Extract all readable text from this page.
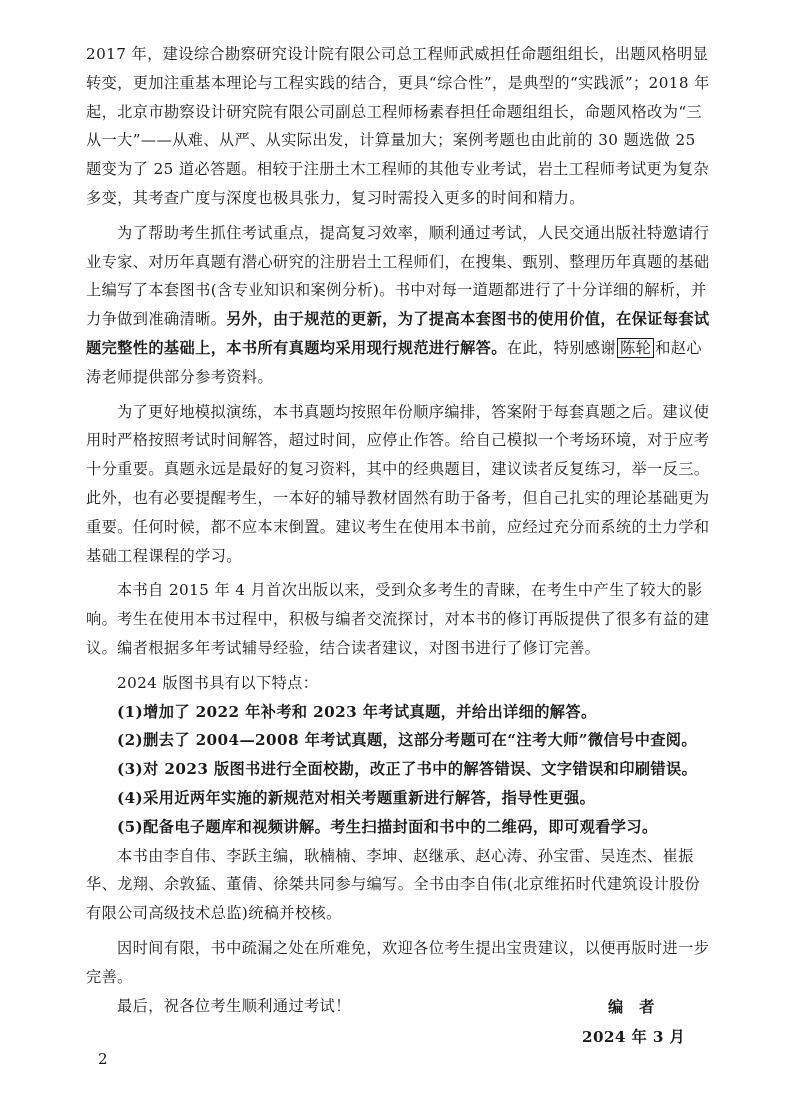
2017 年，建设综合勘察研究设计院有限公司总工程师武威担任命题组组长，出题风格明显转变，更加注重基本理论与工程实践的结合，更具“综合性”，是典型的“实践派”；2018 年起，北京市勘察设计研究院有限公司副总工程师杨素春担任命题组组长，命题风格改为“三从一大”——从难、从严、从实际出发，计算量加大；案例考题也由此前的 30 题选做 25 题变为了 25 道必答题。相较于注册土木工程师的其他专业考试，岩土工程师考试更为复杂多变，其考查广度与深度也极具张力，复习时需投入更多的时间和精力。

为了帮助考生抓住考试重点，提高复习效率，顺利通过考试，人民交通出版社特邀请行业专家、对历年真题有潜心研究的注册岩土工程师们，在搜集、甄别、整理历年真题的基础上编写了本套图书(含专业知识和案例分析)。书中对每一道题都进行了十分详细的解析，并力争做到准确清晰。另外，由于规范的更新，为了提高本套图书的使用价值，在保证每套试题完整性的基础上，本书所有真题均采用现行规范进行解答。在此，特别感谢 陈轮 和赵心涛老师提供部分参考资料。

为了更好地模拟演练，本书真题均按照年份顺序编排，答案附于每套真题之后。建议使用时严格按照考试时间解答，超过时间，应停止作答。给自己模拟一个考场环境，对于应考十分重要。真题永远是最好的复习资料，其中的经典题目，建议读者反复练习，举一反三。此外，也有必要提醒考生，一本好的辅导教材固然有助于备考，但自己扎实的理论基础更为重要。任何时候，都不应本末倒置。建议考生在使用本书前，应经过充分而系统的土力学和基础工程课程的学习。

本书自 2015 年 4 月首次出版以来，受到众多考生的青睐，在考生中产生了较大的影响。考生在使用本书过程中，积极与编者交流探讨，对本书的修订再版提供了很多有益的建议。编者根据多年考试辅导经验，结合读者建议，对图书进行了修订完善。

2024 版图书具有以下特点：

(1)增加了 2022 年补考和 2023 年考试真题，并给出详细的解答。

(2)删去了 2004—2008 年考试真题，这部分考题可在“注考大师”微信号中查阅。

(3)对 2023 版图书进行全面校勘，改正了书中的解答错误、文字错误和印刷错误。

(4)采用近两年实施的新规范对相关考题重新进行解答，指导性更强。

(5)配备电子题库和视频讲解。考生扫描封面和书中的二维码，即可观看学习。

本书由李自伟、李跃主编，耿楠楠、李坤、赵继承、赵心涛、孙宝雷、吴连杰、崔振华、龙翔、余敦猛、董倩、徐桀共同参与编写。全书由李自伟(北京维拓时代建筑设计股份有限公司高级技术总监)统稿并校核。

因时间有限，书中疏漏之处在所难免，欢迎各位考生提出宝贵建议，以便再版时进一步完善。

最后，祝各位考生顺利通过考试！	编　者
2024 年 3 月
2
